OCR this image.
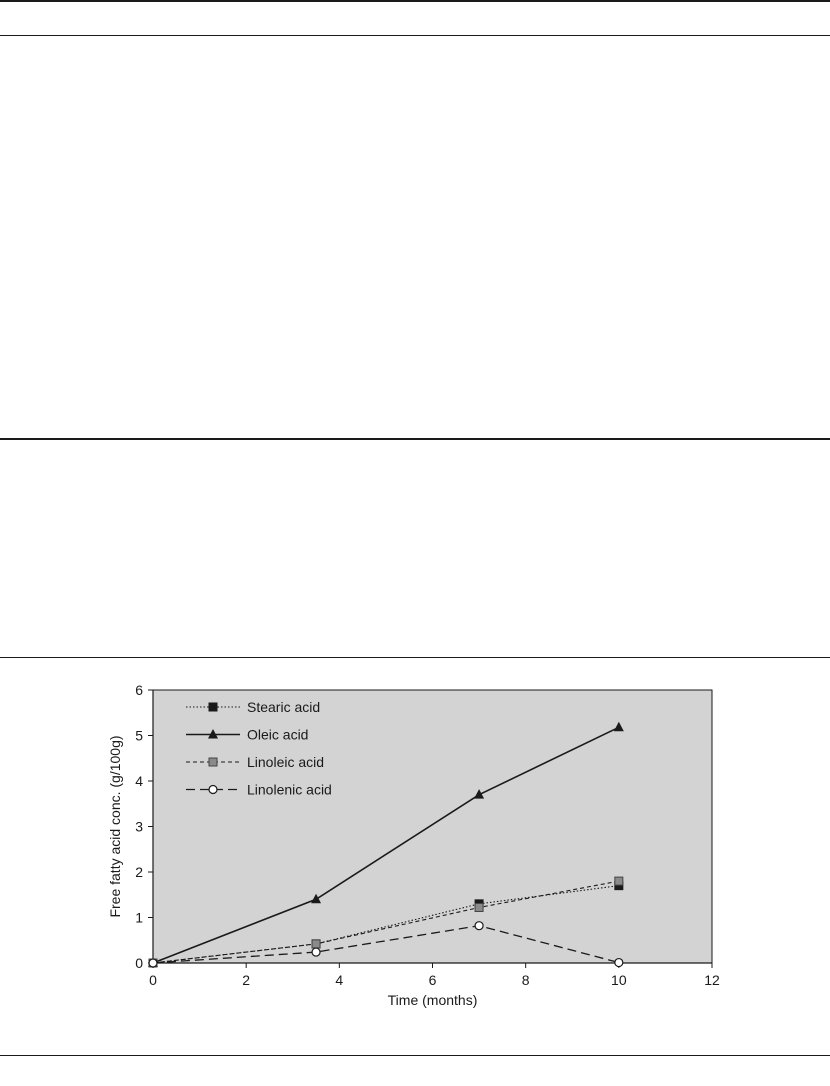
0
1
2
3
4
5
6
0	2	4	6	8	10	12
Stearic acid
Oleic acid
Linoleic acid
Linolenic acid
Time (months)
Free fatty acid conc. (g/100g)
